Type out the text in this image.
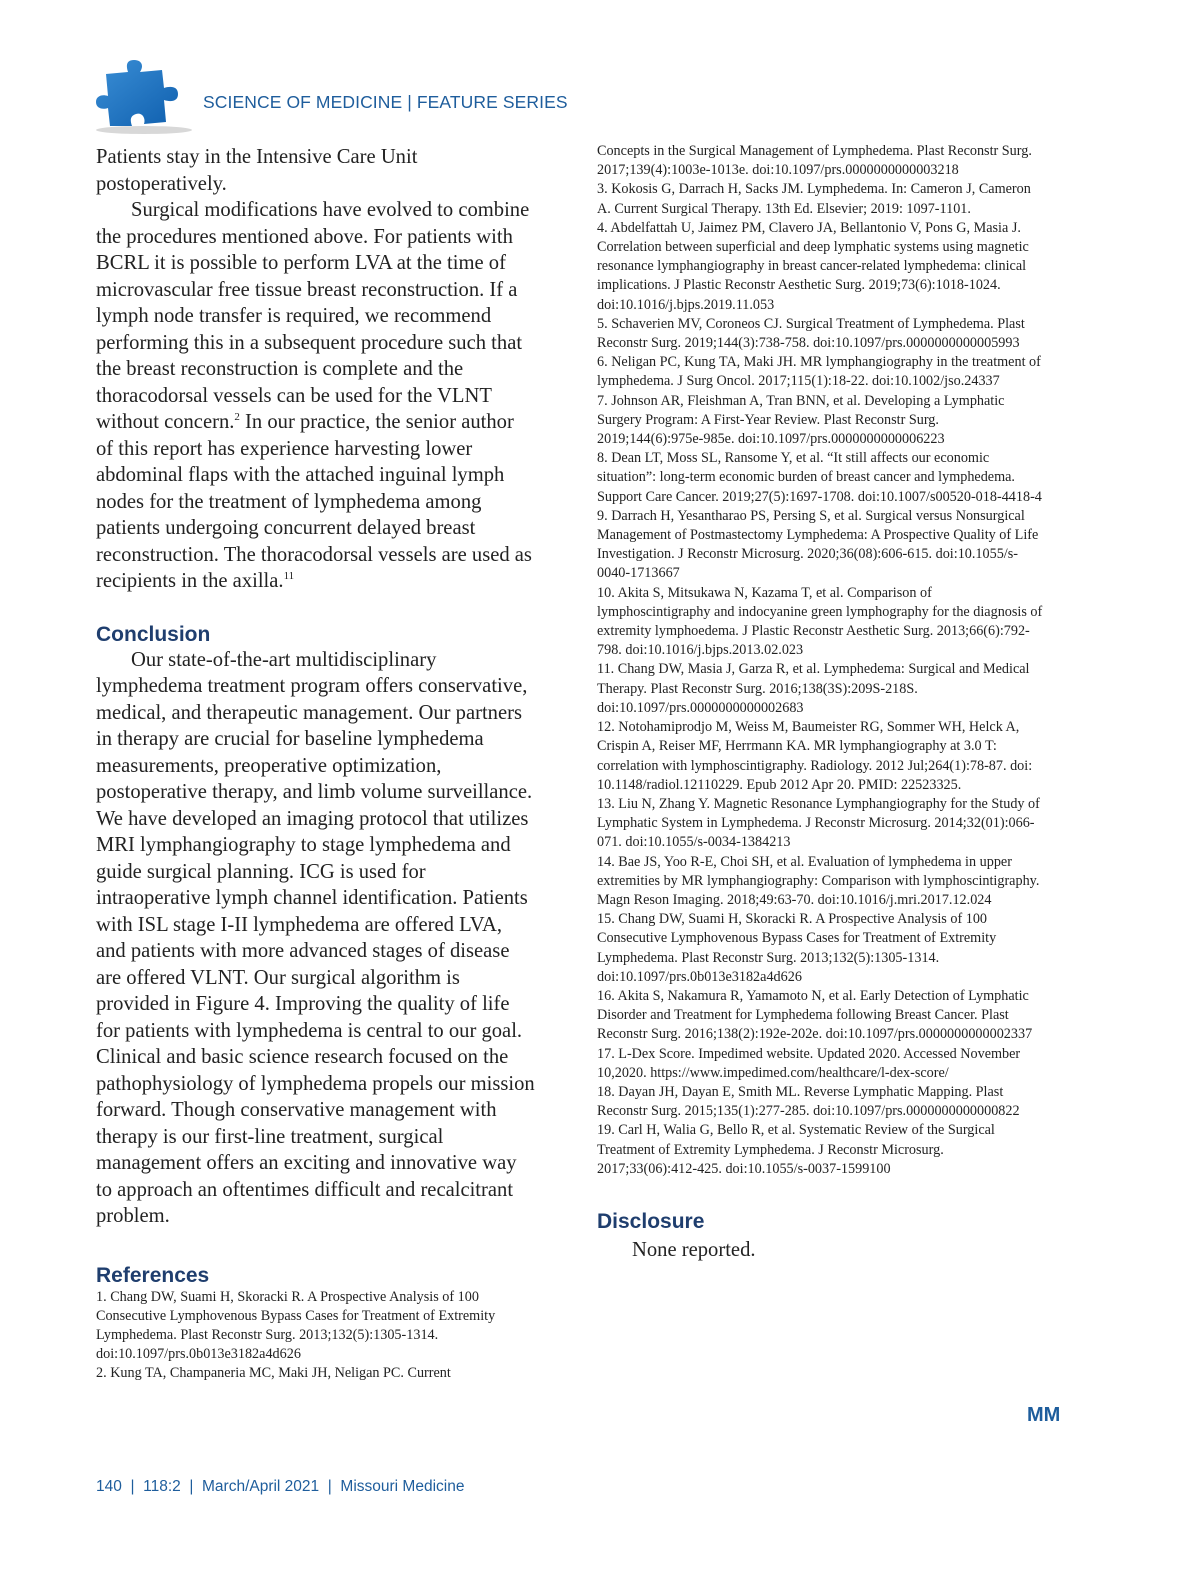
SCIENCE OF MEDICINE | FEATURE SERIES

Patients stay in the Intensive Care Unit postoperatively.

Surgical modifications have evolved to combine the procedures mentioned above. For patients with BCRL it is possible to perform LVA at the time of microvascular free tissue breast reconstruction. If a lymph node transfer is required, we recommend performing this in a subsequent procedure such that the breast reconstruction is complete and the thoracodorsal vessels can be used for the VLNT without concern.$^2$ In our practice, the senior author of this report has experience harvesting lower abdominal flaps with the attached inguinal lymph nodes for the treatment of lymphedema among patients undergoing concurrent delayed breast reconstruction. The thoracodorsal vessels are used as recipients in the axilla.$^{11}$

Conclusion

Our state-of-the-art multidisciplinary lymphedema treatment program offers conservative, medical, and therapeutic management. Our partners in therapy are crucial for baseline lymphedema measurements, preoperative optimization, postoperative therapy, and limb volume surveillance. We have developed an imaging protocol that utilizes MRI lymphangiography to stage lymphedema and guide surgical planning. ICG is used for intraoperative lymph channel identification. Patients with ISL stage I-II lymphedema are offered LVA, and patients with more advanced stages of disease are offered VLNT. Our surgical algorithm is provided in Figure 4. Improving the quality of life for patients with lymphedema is central to our goal. Clinical and basic science research focused on the pathophysiology of lymphedema propels our mission forward. Though conservative management with therapy is our first-line treatment, surgical management offers an exciting and innovative way to approach an oftentimes difficult and recalcitrant problem.

References

1. Chang DW, Suami H, Skoracki R. A Prospective Analysis of 100 Consecutive Lymphovenous Bypass Cases for Treatment of Extremity Lymphedema. Plast Reconstr Surg. 2013;132(5):1305-1314. doi:10.1097/prs.0b013e3182a4d626

2. Kung TA, Champaneria MC, Maki JH, Neligan PC. Current

Concepts in the Surgical Management of Lymphedema. Plast Reconstr Surg. 2017;139(4):1003e-1013e. doi:10.1097/prs.0000000000003218

3. Kokosis G, Darrach H, Sacks JM. Lymphedema. In: Cameron J, Cameron A. Current Surgical Therapy. 13th Ed. Elsevier; 2019: 1097-1101.

4. Abdelfattah U, Jaimez PM, Clavero JA, Bellantonio V, Pons G, Masia J. Correlation between superficial and deep lymphatic systems using magnetic resonance lymphangiography in breast cancer-related lymphedema: clinical implications. J Plastic Reconstr Aesthetic Surg. 2019;73(6):1018-1024. doi:10.1016/j.bjps.2019.11.053

5. Schaverien MV, Coroneos CJ. Surgical Treatment of Lymphedema. Plast Reconstr Surg. 2019;144(3):738-758. doi:10.1097/prs.0000000000005993

6. Neligan PC, Kung TA, Maki JH. MR lymphangiography in the treatment of lymphedema. J Surg Oncol. 2017;115(1):18-22. doi:10.1002/jso.24337

7. Johnson AR, Fleishman A, Tran BNN, et al. Developing a Lymphatic Surgery Program: A First-Year Review. Plast Reconstr Surg. 2019;144(6):975e-985e. doi:10.1097/prs.0000000000006223

8. Dean LT, Moss SL, Ransome Y, et al. “It still affects our economic situation”: long-term economic burden of breast cancer and lymphedema. Support Care Cancer. 2019;27(5):1697-1708. doi:10.1007/s00520-018-4418-4

9. Darrach H, Yesantharao PS, Persing S, et al. Surgical versus Nonsurgical Management of Postmastectomy Lymphedema: A Prospective Quality of Life Investigation. J Reconstr Microsurg. 2020;36(08):606-615. doi:10.1055/s-0040-1713667

10. Akita S, Mitsukawa N, Kazama T, et al. Comparison of lymphoscintigraphy and indocyanine green lymphography for the diagnosis of extremity lymphoedema. J Plastic Reconstr Aesthetic Surg. 2013;66(6):792-798. doi:10.1016/j.bjps.2013.02.023

11. Chang DW, Masia J, Garza R, et al. Lymphedema: Surgical and Medical Therapy. Plast Reconstr Surg. 2016;138(3S):209S-218S. doi:10.1097/prs.0000000000002683

12. Notohamiprodjo M, Weiss M, Baumeister RG, Sommer WH, Helck A, Crispin A, Reiser MF, Herrmann KA. MR lymphangiography at 3.0 T: correlation with lymphoscintigraphy. Radiology. 2012 Jul;264(1):78-87. doi: 10.1148/radiol.12110229. Epub 2012 Apr 20. PMID: 22523325.

13. Liu N, Zhang Y. Magnetic Resonance Lymphangiography for the Study of Lymphatic System in Lymphedema. J Reconstr Microsurg. 2014;32(01):066-071. doi:10.1055/s-0034-1384213

14. Bae JS, Yoo R-E, Choi SH, et al. Evaluation of lymphedema in upper extremities by MR lymphangiography: Comparison with lymphoscintigraphy. Magn Reson Imaging. 2018;49:63-70. doi:10.1016/j.mri.2017.12.024

15. Chang DW, Suami H, Skoracki R. A Prospective Analysis of 100 Consecutive Lymphovenous Bypass Cases for Treatment of Extremity Lymphedema. Plast Reconstr Surg. 2013;132(5):1305-1314. doi:10.1097/prs.0b013e3182a4d626

16. Akita S, Nakamura R, Yamamoto N, et al. Early Detection of Lymphatic Disorder and Treatment for Lymphedema following Breast Cancer. Plast Reconstr Surg. 2016;138(2):192e-202e. doi:10.1097/prs.0000000000002337

17. L-Dex Score. Impedimed website. Updated 2020. Accessed November 10,2020. https://www.impedimed.com/healthcare/l-dex-score/

18. Dayan JH, Dayan E, Smith ML. Reverse Lymphatic Mapping. Plast Reconstr Surg. 2015;135(1):277-285. doi:10.1097/prs.0000000000000822

19. Carl H, Walia G, Bello R, et al. Systematic Review of the Surgical Treatment of Extremity Lymphedema. J Reconstr Microsurg. 2017;33(06):412-425. doi:10.1055/s-0037-1599100

Disclosure

None reported.

MM
140  |  118:2  |  March/April 2021  |  Missouri Medicine
